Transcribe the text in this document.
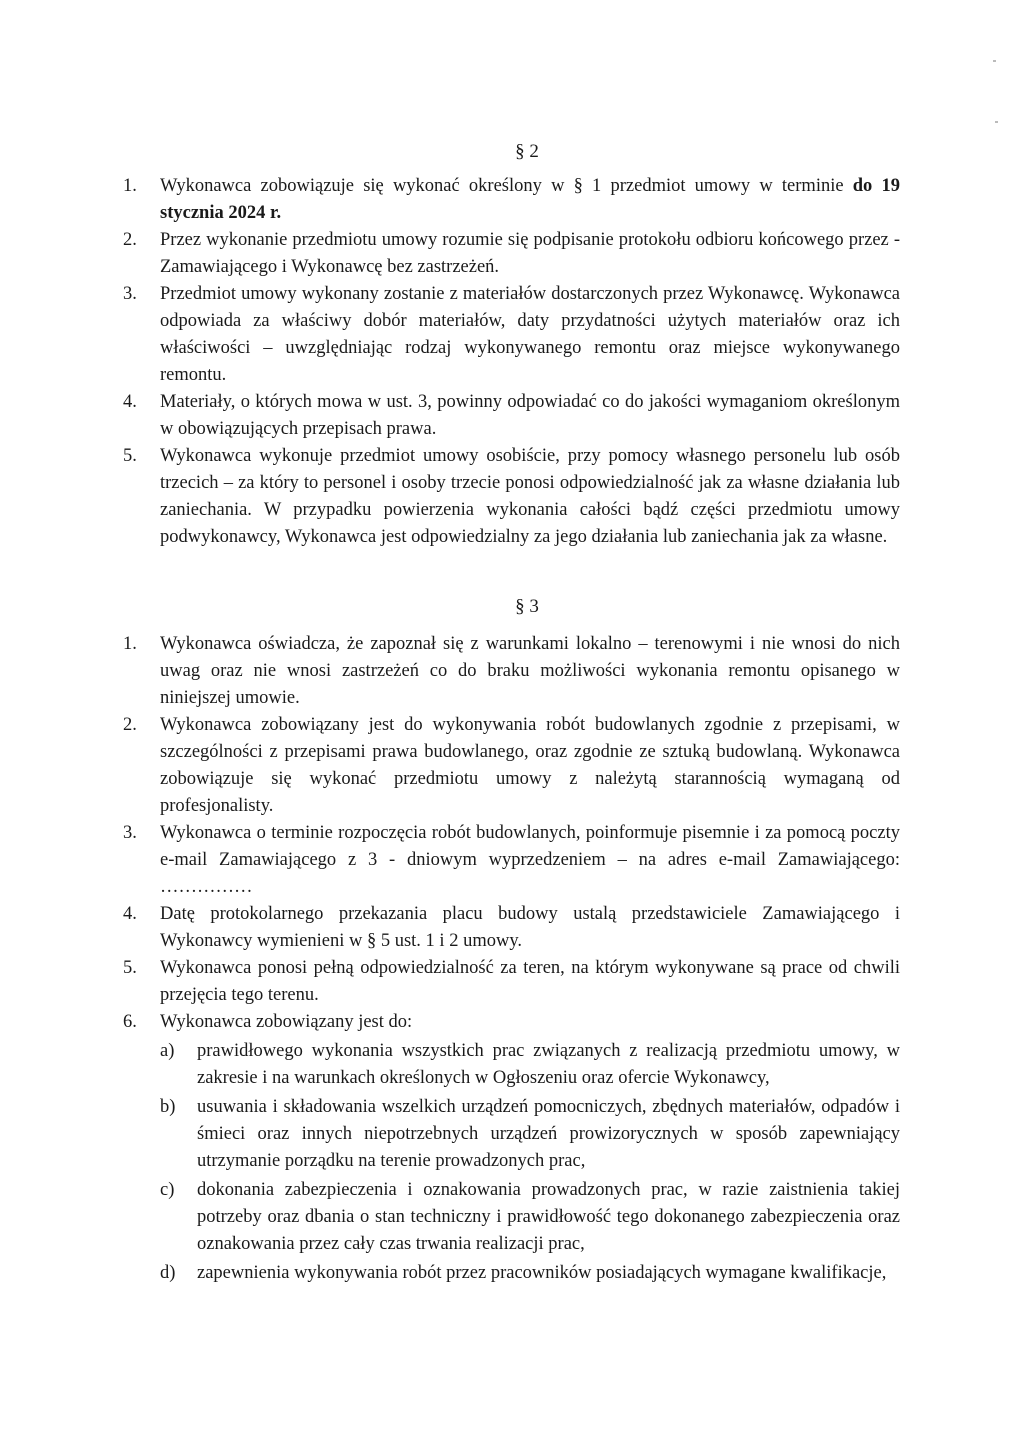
§ 2
1.	Wykonawca zobowiązuje się wykonać określony w § 1 przedmiot umowy w terminie do 19 stycznia 2024 r.
2.	Przez wykonanie przedmiotu umowy rozumie się podpisanie protokołu odbioru końcowego przez - Zamawiającego i Wykonawcę bez zastrzeżeń.
3.	Przedmiot umowy wykonany zostanie z materiałów dostarczonych przez Wykonawcę. Wykonawca odpowiada za właściwy dobór materiałów, daty przydatności użytych materiałów oraz ich właściwości – uwzględniając rodzaj wykonywanego remontu oraz miejsce wykonywanego remontu.
4.	Materiały, o których mowa w ust. 3, powinny odpowiadać co do jakości wymaganiom określonym w obowiązujących przepisach prawa.
5.	Wykonawca wykonuje przedmiot umowy osobiście, przy pomocy własnego personelu lub osób trzecich – za który to personel i osoby trzecie ponosi odpowiedzialność jak za własne działania lub zaniechania. W przypadku powierzenia wykonania całości bądź części przedmiotu umowy podwykonawcy, Wykonawca jest odpowiedzialny za jego działania lub zaniechania jak za własne.
§ 3
1.	Wykonawca oświadcza, że zapoznał się z warunkami lokalno – terenowymi i nie wnosi do nich uwag oraz nie wnosi zastrzeżeń co do braku możliwości wykonania remontu opisanego w niniejszej umowie.
2.	Wykonawca zobowiązany jest do wykonywania robót budowlanych zgodnie z przepisami, w szczególności z przepisami prawa budowlanego, oraz zgodnie ze sztuką budowlaną. Wykonawca zobowiązuje się wykonać przedmiotu umowy z należytą starannością wymaganą od profesjonalisty.
3.	Wykonawca o terminie rozpoczęcia robót budowlanych, poinformuje pisemnie i za pomocą poczty e-mail Zamawiającego z 3 - dniowym wyprzedzeniem – na adres e-mail Zamawiającego: ……………
4.	Datę protokolarnego przekazania placu budowy ustalą przedstawiciele Zamawiającego i Wykonawcy wymienieni w § 5 ust. 1 i 2 umowy.
5.	Wykonawca ponosi pełną odpowiedzialność za teren, na którym wykonywane są prace od chwili przejęcia tego terenu.
6.	Wykonawca zobowiązany jest do:
a) prawidłowego wykonania wszystkich prac związanych z realizacją przedmiotu umowy, w zakresie i na warunkach określonych w Ogłoszeniu oraz ofercie Wykonawcy,
b) usuwania i składowania wszelkich urządzeń pomocniczych, zbędnych materiałów, odpadów i śmieci oraz innych niepotrzebnych urządzeń prowizorycznych w sposób zapewniający utrzymanie porządku na terenie prowadzonych prac,
c) dokonania zabezpieczenia i oznakowania prowadzonych prac, w razie zaistnienia takiej potrzeby oraz dbania o stan techniczny i prawidłowość tego dokonanego zabezpieczenia oraz oznakowania przez cały czas trwania realizacji prac,
d) zapewnienia wykonywania robót przez pracowników posiadających wymagane kwalifikacje,
